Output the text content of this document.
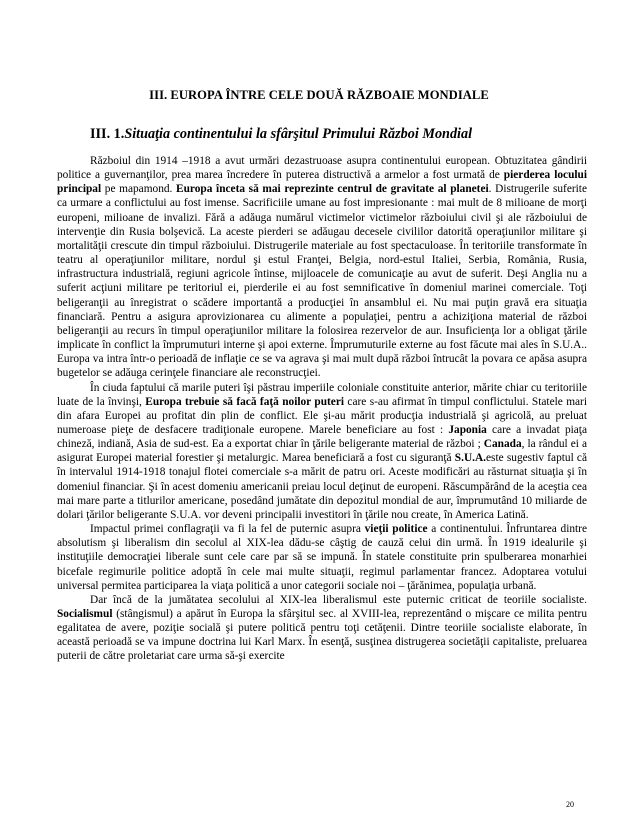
III. EUROPA ÎNTRE CELE DOUĂ RĂZBOAIE MONDIALE
III. 1.Situaţia continentului la sfârşitul Primului Război Mondial

Războiul din 1914 –1918 a avut urmări dezastruoase asupra continentului european. Obtuzitatea gândirii politice a guvernanţilor, prea marea încredere în puterea distructivă a armelor a fost urmată de pierderea locului principal pe mapamond. Europa înceta să mai reprezinte centrul de gravitate al planetei. Distrugerile suferite ca urmare a conflictului au fost imense. Sacrificiile umane au fost impresionante : mai mult de 8 milioane de morţi europeni, milioane de invalizi. Fără a adăuga numărul victimelor victimelor războiului civil şi ale războiului de intervenţie din Rusia bolşevică. La aceste pierderi se adăugau decesele civililor datorită operaţiunilor militare şi mortalităţii crescute din timpul războiului. Distrugerile materiale au fost spectaculoase. În teritoriile transformate în teatru al operaţiunilor militare, nordul şi estul Franţei, Belgia, nord-estul Italiei, Serbia, România, Rusia, infrastructura industrială, regiuni agricole întinse, mijloacele de comunicaţie au avut de suferit. Deşi Anglia nu a suferit acţiuni militare pe teritoriul ei, pierderile ei au fost semnificative în domeniul marinei comerciale. Toţi beligeranţii au înregistrat o scădere importantă a producţiei în ansamblul ei. Nu mai puţin gravă era situaţia financiară. Pentru a asigura aprovizionarea cu alimente a populaţiei, pentru a achiziţiona material de război beligeranţii au recurs în timpul operaţiunilor militare la folosirea rezervelor de aur. Insuficienţa lor a obligat ţările implicate în conflict la împrumuturi interne şi apoi externe. Împrumuturile externe au fost făcute mai ales în S.U.A.. Europa va intra într-o perioadă de inflaţie ce se va agrava şi mai mult după război întrucât la povara ce apăsa asupra bugetelor se adăuga cerinţele financiare ale reconstrucţiei.

În ciuda faptului că marile puteri îşi păstrau imperiile coloniale constituite anterior, mărite chiar cu teritoriile luate de la învinşi, Europa trebuie să facă faţă noilor puteri care s-au afirmat în timpul conflictului. Statele mari din afara Europei au profitat din plin de conflict. Ele şi-au mărit producţia industrială şi agricolă, au preluat numeroase pieţe de desfacere tradiţionale europene. Marele beneficiare au fost : Japonia care a invadat piaţa chineză, indiană, Asia de sud-est. Ea a exportat chiar în ţările beligerante material de război ; Canada, la rândul ei a asigurat Europei material forestier şi metalurgic. Marea beneficiară a fost cu siguranţă S.U.A.este sugestiv faptul că în intervalul 1914-1918 tonajul flotei comerciale s-a mărit de patru ori. Aceste modificări au răsturnat situaţia şi în domeniul financiar. Şi în acest domeniu americanii preiau locul deţinut de europeni. Răscumpărând de la aceştia cea mai mare parte a titlurilor americane, posedând jumătate din depozitul mondial de aur, împrumutând 10 miliarde de dolari ţărilor beligerante S.U.A. vor deveni principalii investitori în ţările nou create, în America Latină.

Impactul primei conflagraţii va fi la fel de puternic asupra vieţii politice a continentului. Înfruntarea dintre absolutism şi liberalism din secolul al XIX-lea dădu-se câştig de cauză celui din urmă. În 1919 idealurile şi instituţiile democraţiei liberale sunt cele care par să se impună. În statele constituite prin spulberarea monarhiei bicefale regimurile politice adoptă în cele mai multe situaţii, regimul parlamentar francez. Adoptarea votului universal permitea participarea la viaţa politică a unor categorii sociale noi – ţărănimea, populaţia urbană.

Dar încă de la jumătatea secolului al XIX-lea liberalismul este puternic criticat de teoriile socialiste. Socialismul (stângismul) a apărut în Europa la sfârşitul sec. al XVIII-lea, reprezentând o mişcare ce milita pentru egalitatea de avere, poziţie socială şi putere politică pentru toţi cetăţenii. Dintre teoriile socialiste elaborate, în această perioadă se va impune doctrina lui Karl Marx. În esenţă, susţinea distrugerea societăţii capitaliste, preluarea puterii de către proletariat care urma să-şi exercite

20
